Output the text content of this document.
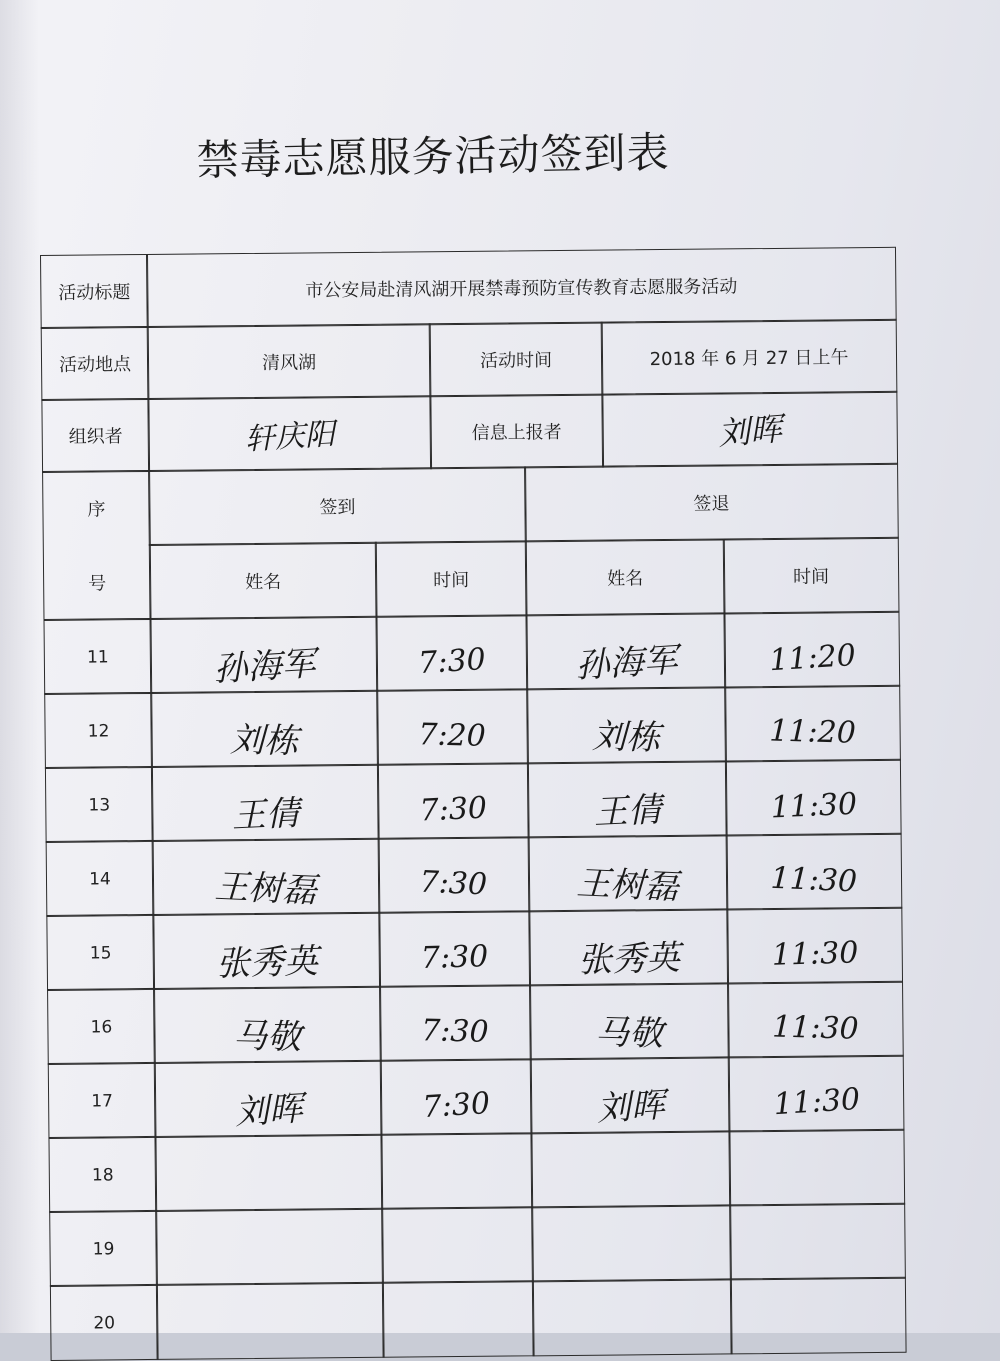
禁毒志愿服务活动签到表
活动标题	市公安局赴清风湖开展禁毒预防宣传教育志愿服务活动
活动地点	清风湖	活动时间	2018 年 6 月 27 日上午
组织者	轩庆阳	信息上报者	刘晖
序
号
签到	签退
姓名	时间	姓名	时间
11	孙海军	7:30	孙海军	11:20
12	刘栋	7:20	刘栋	11:20
13	王倩	7:30	王倩	11:30
14	王树磊	7:30	王树磊	11:30
15	张秀英	7:30	张秀英	11:30
16	马敬	7:30	马敬	11:30
17	刘晖	7:30	刘晖	11:30
18
19
20
